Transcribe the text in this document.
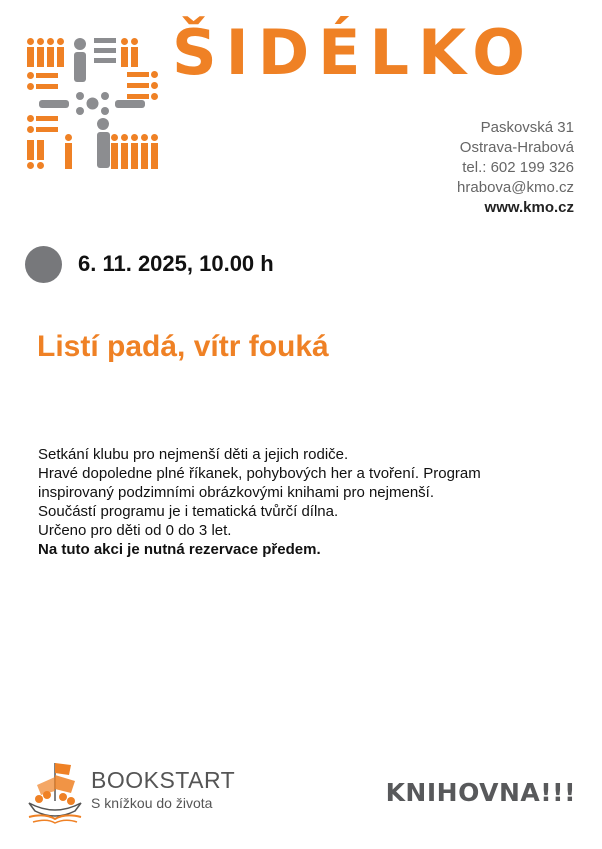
ŠIDÉLKO
Paskovská 31
Ostrava-Hrabová
tel.: 602 199 326
hrabova@kmo.cz
www.kmo.cz
6. 11. 2025, 10.00 h
Listí padá, vítr fouká

Setkání klubu pro nejmenší děti a jejich rodiče.

Hravé dopoledne plné říkanek, pohybových her a tvoření. Program

inspirovaný podzimními obrázkovými knihami pro nejmenší.

Součástí programu je i tematická tvůrčí dílna.

Určeno pro děti od 0 do 3 let.

Na tuto akci je nutná rezervace předem.

BOOKSTART
S knížkou do života	KNIHOVNA!!!
